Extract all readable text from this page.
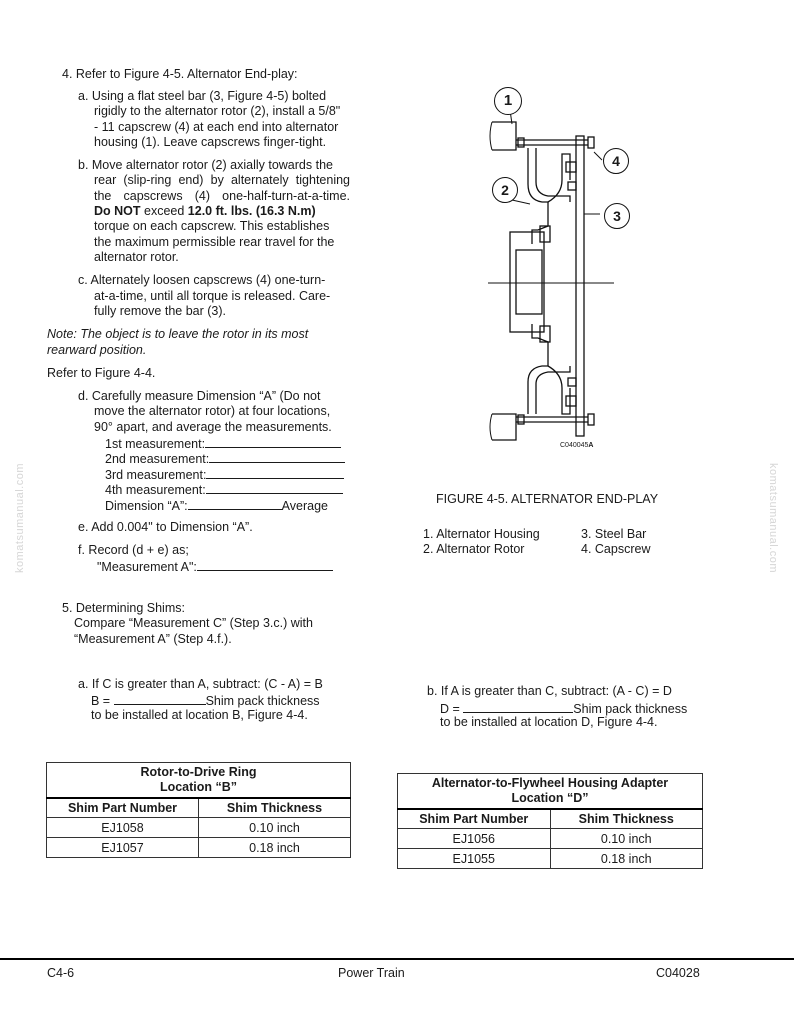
4. Refer to Figure 4-5. Alternator End-play:
a. Using a flat steel bar (3, Figure 4-5) bolted
rigidly to the alternator rotor (2), install a 5/8"
- 11 capscrew (4) at each end into alternator
housing (1). Leave capscrews finger-tight.
b. Move alternator rotor (2) axially towards the
rear (slip-ring end) by alternately tightening
the capscrews (4) one-half-turn-at-a-time.
Do NOT exceed 12.0 ft. lbs. (16.3 N.m)
torque on each capscrew. This establishes
the maximum permissible rear travel for the
alternator rotor.
c. Alternately loosen capscrews (4) one-turn-
at-a-time, until all torque is released. Care-
fully remove the bar (3).
Note: The object is to leave the rotor in its most
rearward position.
Refer to Figure 4-4.
d. Carefully measure Dimension “A” (Do not
move the alternator rotor) at four locations,
90° apart, and average the measurements.
1st measurement:
2nd measurement:
3rd measurement:
4th measurement:
Dimension “A”:	Average
e. Add 0.004" to Dimension “A”.
f. Record (d + e) as;
"Measurement A":
1
2
3
4
C040045A
FIGURE 4-5. ALTERNATOR END-PLAY
1. Alternator Housing
2. Alternator Rotor
3. Steel Bar
4. Capscrew
5. Determining Shims:
Compare “Measurement C” (Step 3.c.) with
“Measurement A” (Step 4.f.).
a. If C is greater than A, subtract: (C - A) = B
B =	Shim pack thickness
to be installed at location B, Figure 4-4.
b. If A is greater than C, subtract: (A - C) = D
D =	Shim pack thickness
to be installed at location D, Figure 4-4.
Rotor-to-Drive Ring
Location “B”	
Shim Part Number	Shim Thickness
EJ1058	0.10 inch
EJ1057	0.18 inch
Alternator-to-Flywheel Housing Adapter
Location “D”	
Shim Part Number	Shim Thickness
EJ1056	0.10 inch
EJ1055	0.18 inch
komatsumanual.com	komatsumanual.com
C4-6	Power Train	C04028
